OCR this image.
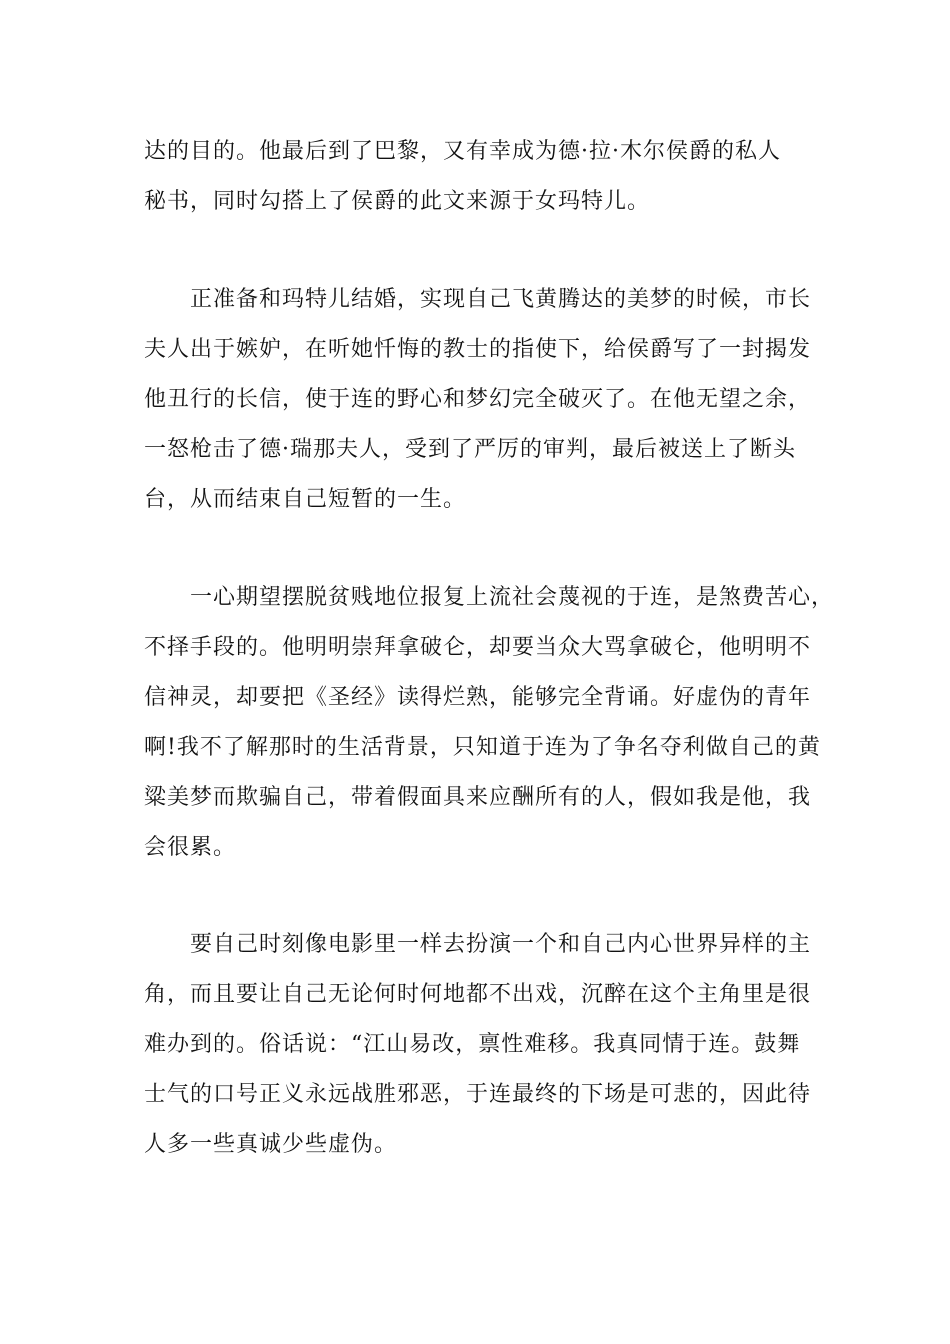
达的目的。他最后到了巴黎，又有幸成为德·拉·木尔侯爵的私人
秘书，同时勾搭上了侯爵的此文来源于女玛特儿。
正准备和玛特儿结婚，实现自己飞黄腾达的美梦的时候，市长
夫人出于嫉妒，在听她忏悔的教士的指使下，给侯爵写了一封揭发
他丑行的长信，使于连的野心和梦幻完全破灭了。在他无望之余，
一怒枪击了德·瑞那夫人，受到了严厉的审判，最后被送上了断头
台，从而结束自己短暂的一生。
一心期望摆脱贫贱地位报复上流社会蔑视的于连，是煞费苦心，
不择手段的。他明明崇拜拿破仑，却要当众大骂拿破仑，他明明不
信神灵，却要把《圣经》读得烂熟，能够完全背诵。好虚伪的青年
啊!我不了解那时的生活背景，只知道于连为了争名夺利做自己的黄
粱美梦而欺骗自己，带着假面具来应酬所有的人，假如我是他，我
会很累。
要自己时刻像电影里一样去扮演一个和自己内心世界异样的主
角，而且要让自己无论何时何地都不出戏，沉醉在这个主角里是很
难办到的。俗话说：“江山易改，禀性难移。我真同情于连。鼓舞
士气的口号正义永远战胜邪恶，于连最终的下场是可悲的，因此待
人多一些真诚少些虚伪。
